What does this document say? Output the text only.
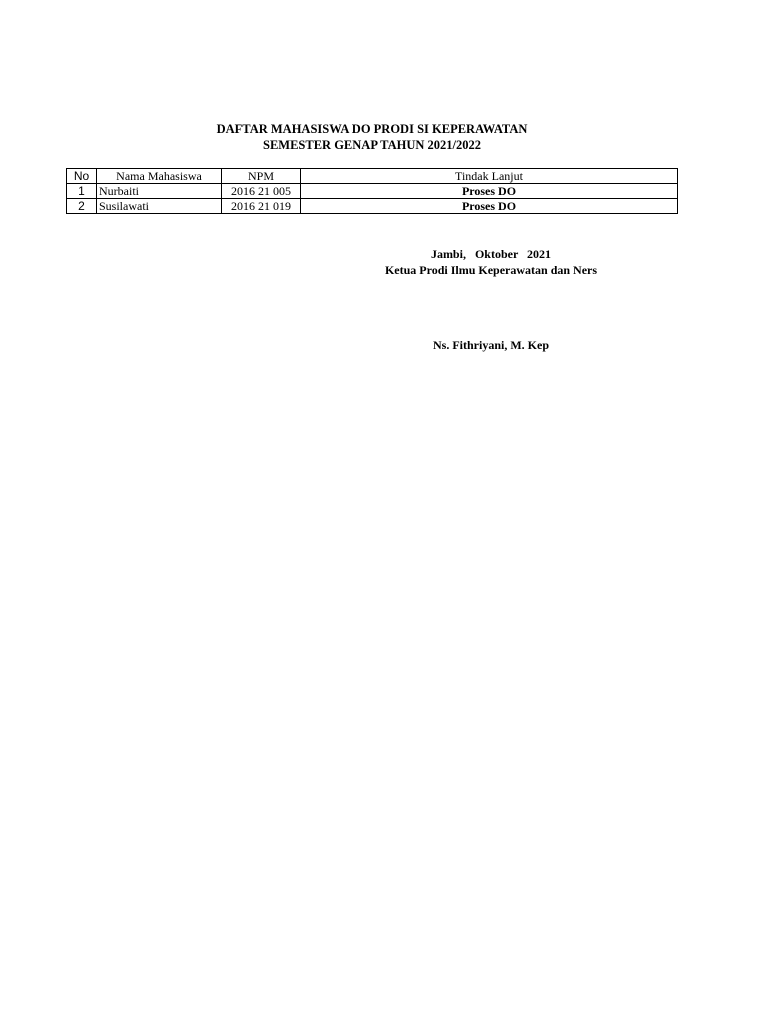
DAFTAR MAHASISWA DO PRODI SI KEPERAWATAN
SEMESTER GENAP TAHUN 2021/2022
No	Nama Mahasiswa	NPM	Tindak Lanjut
1	Nurbaiti	2016 21 005	Proses DO
2	Susilawati	2016 21 019	Proses DO
Jambi,   Oktober   2021
Ketua Prodi Ilmu Keperawatan dan Ners
Ns. Fithriyani, M. Kep
